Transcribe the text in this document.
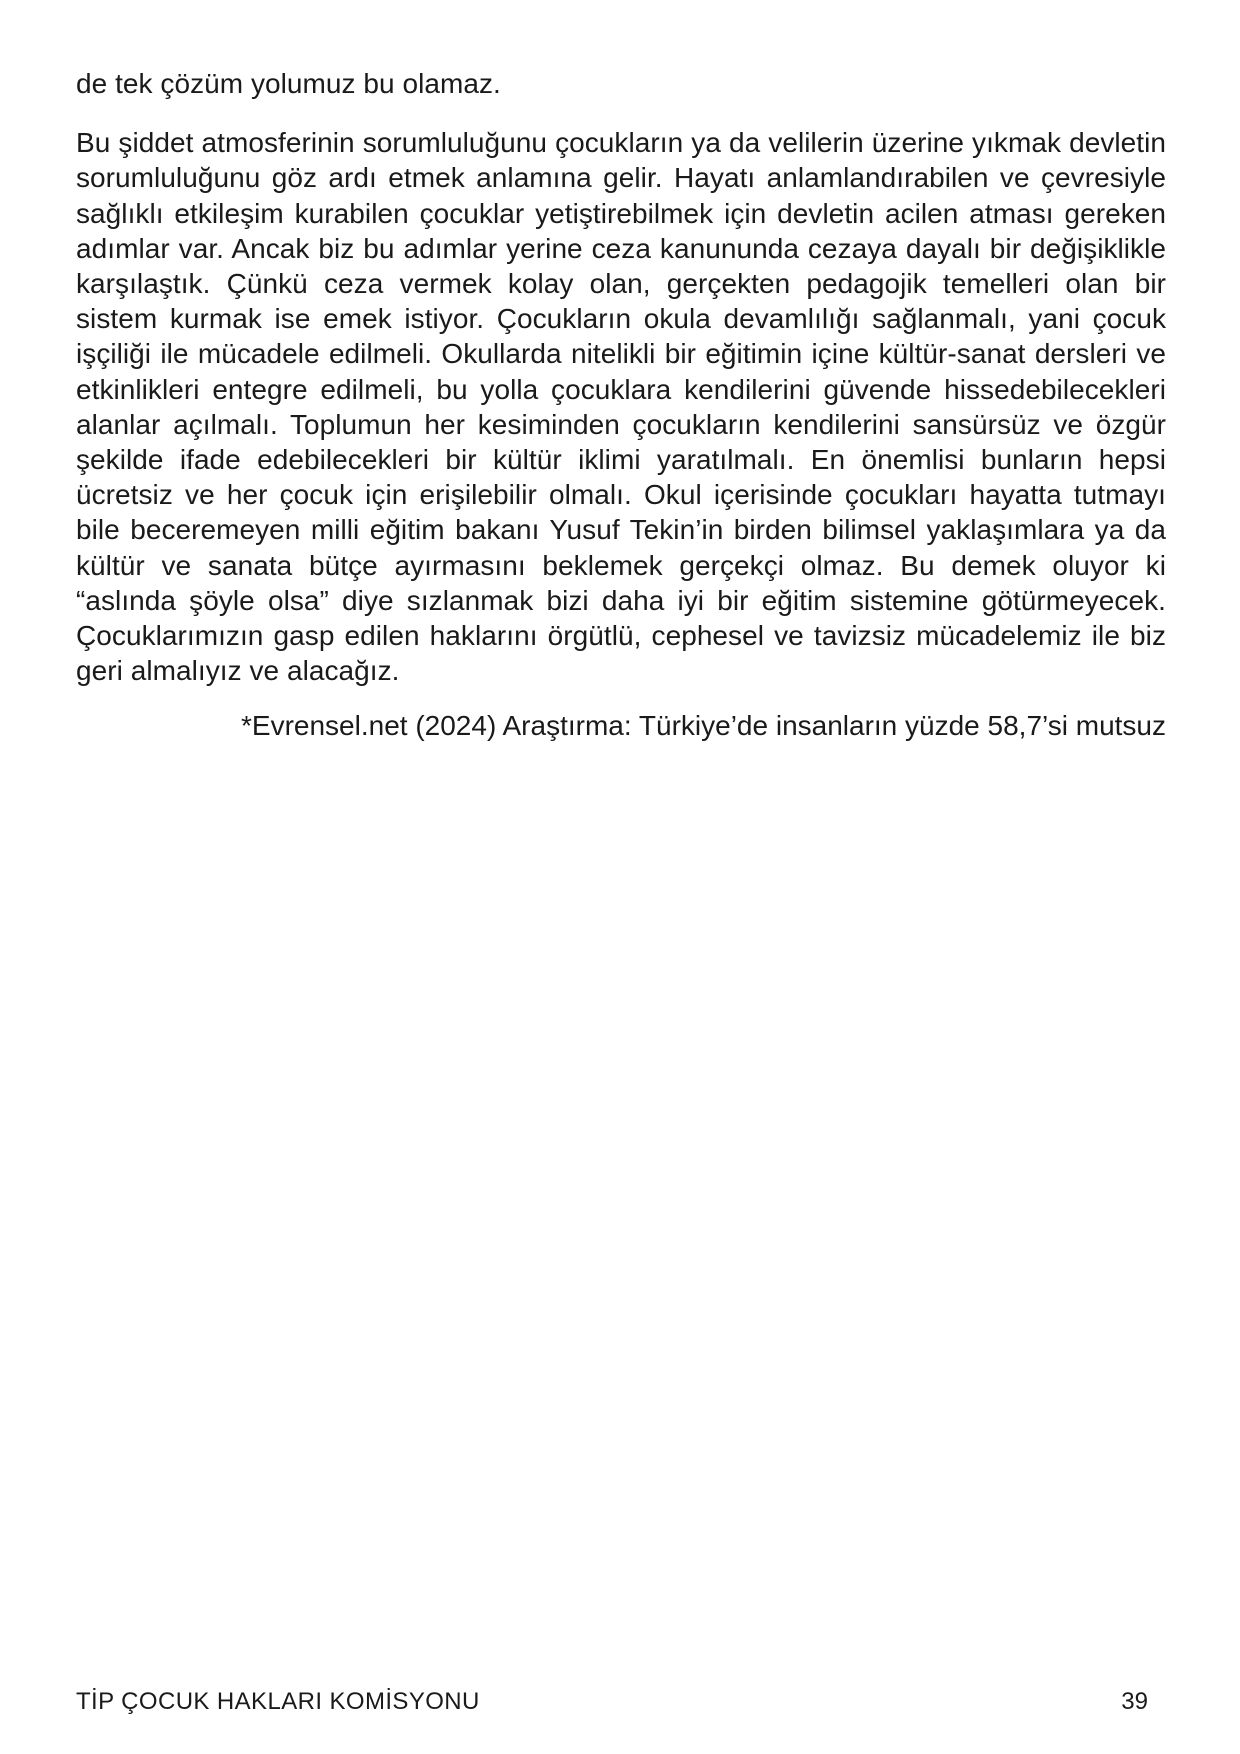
de tek çözüm yolumuz bu olamaz.

Bu şiddet atmosferinin sorumluluğunu çocukların ya da velilerin üzerine yıkmak devletin sorumluluğunu göz ardı etmek anlamına gelir. Hayatı anlamlandırabilen ve çevresiyle sağlıklı etkileşim kurabilen çocuklar yetiştirebilmek için devletin acilen atması gereken adımlar var. Ancak biz bu adımlar yerine ceza kanununda cezaya dayalı bir değişiklikle karşılaştık. Çünkü ceza vermek kolay olan, gerçekten pedagojik temelleri olan bir sistem kurmak ise emek istiyor. Çocukların okula devamlılığı sağlanmalı, yani çocuk işçiliği ile mücadele edilmeli. Okullarda nitelikli bir eğitimin içine kültür-sanat dersleri ve etkinlikleri entegre edilmeli, bu yolla çocuklara kendilerini güvende hissedebilecekleri alanlar açılmalı. Toplumun her kesiminden çocukların kendilerini sansürsüz ve özgür şekilde ifade edebilecekleri bir kültür iklimi yaratılmalı. En önemlisi bunların hepsi ücretsiz ve her çocuk için erişilebilir olmalı. Okul içerisinde çocukları hayatta tutmayı bile beceremeyen milli eğitim bakanı Yusuf Tekin’in birden bilimsel yaklaşımlara ya da kültür ve sanata bütçe ayırmasını beklemek gerçekçi olmaz. Bu demek oluyor ki “aslında şöyle olsa” diye sızlanmak bizi daha iyi bir eğitim sistemine götürmeyecek. Çocuklarımızın gasp edilen haklarını örgütlü, cephesel ve tavizsiz mücadelemiz ile biz geri almalıyız ve alacağız.

*Evrensel.net (2024) Araştırma: Türkiye’de insanların yüzde 58,7’si mutsuz

TİP ÇOCUK HAKLARI KOMİSYONU	39
